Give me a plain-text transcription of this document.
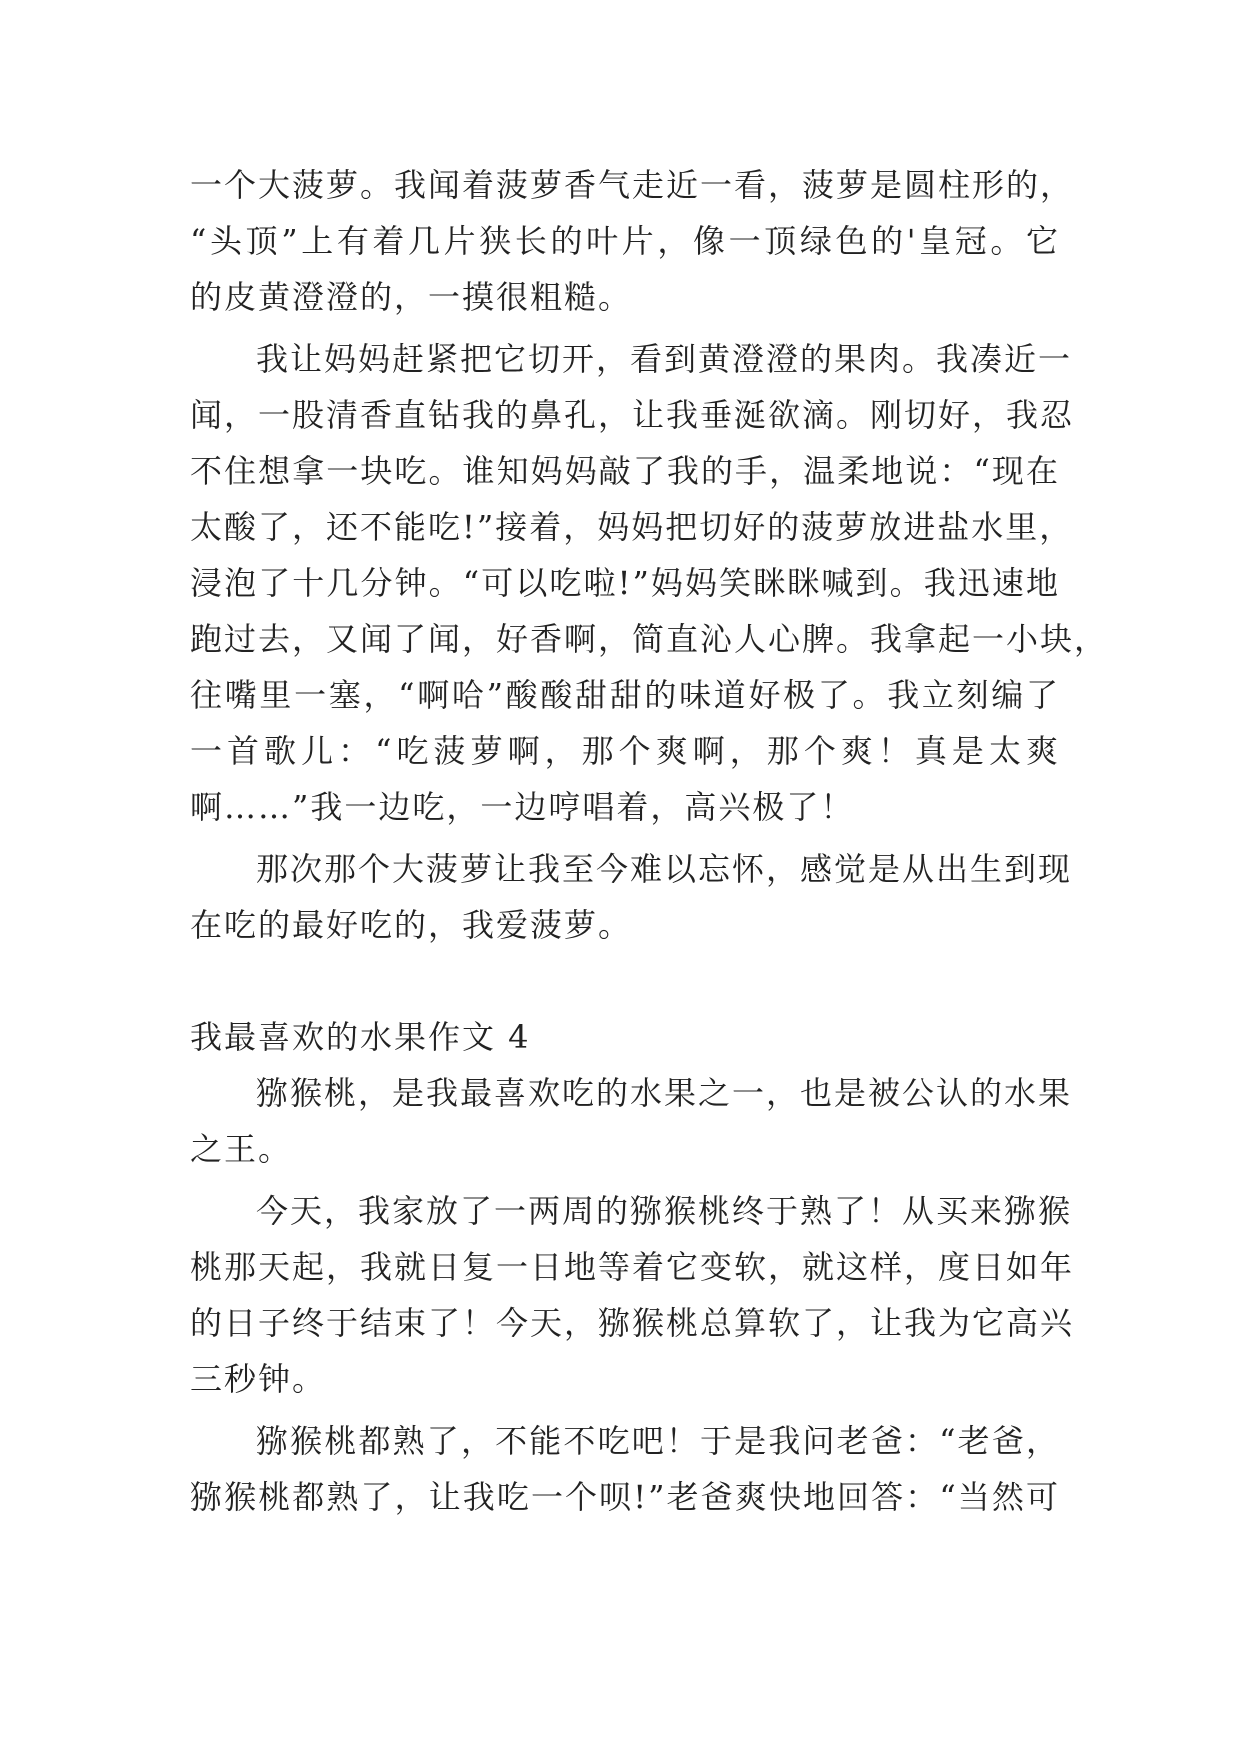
一个大菠萝。我闻着菠萝香气走近一看，菠萝是圆柱形的，
“头顶”上有着几片狭长的叶片，像一顶绿色的'皇冠。它
的皮黄澄澄的，一摸很粗糙。
我让妈妈赶紧把它切开，看到黄澄澄的果肉。我凑近一
闻，一股清香直钻我的鼻孔，让我垂涎欲滴。刚切好，我忍
不住想拿一块吃。谁知妈妈敲了我的手，温柔地说：“现在
太酸了，还不能吃!”接着，妈妈把切好的菠萝放进盐水里，
浸泡了十几分钟。“可以吃啦!”妈妈笑眯眯喊到。我迅速地
跑过去，又闻了闻，好香啊，简直沁人心脾。我拿起一小块，
往嘴里一塞，“啊哈”酸酸甜甜的味道好极了。我立刻编了
一首歌儿：“吃菠萝啊，那个爽啊，那个爽！真是太爽
啊……”我一边吃，一边哼唱着，高兴极了！
那次那个大菠萝让我至今难以忘怀，感觉是从出生到现
在吃的最好吃的，我爱菠萝。
我最喜欢的水果作文 4
猕猴桃，是我最喜欢吃的水果之一，也是被公认的水果
之王。
今天，我家放了一两周的猕猴桃终于熟了！从买来猕猴
桃那天起，我就日复一日地等着它变软，就这样，度日如年
的日子终于结束了！今天，猕猴桃总算软了，让我为它高兴
三秒钟。
猕猴桃都熟了，不能不吃吧！于是我问老爸：“老爸，
猕猴桃都熟了，让我吃一个呗!”老爸爽快地回答：“当然可
